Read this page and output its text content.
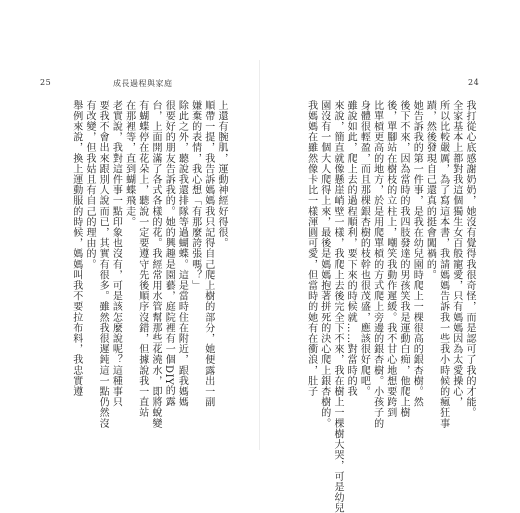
25	成長過程與家庭
上還有腕肌，運動神經好得很。
順帶一提，我告訴媽媽我只記得自己爬上樹的部分，她便露出一副
嫌棄的表情，我心想「有那麼誇張嗎？」
除此之外，聽說我還排隊等過蝴蝶。這是當時住在附近，跟我媽媽
很要好的朋友告訴我的。她的興趣是園藝，庭院裡有一個DIY的露
台，上面開滿了各式各樣的花。我經常用水管幫那些花澆水，即將蛻變
有蝴蝶停在花朵上，聽說一定要遵守先後順序沒錯，但據說我一直站
在那裡等，直到蝴蝶飛走。
老實說，我對這件事一點印象也沒有，可是該怎麼說呢？這種事只
要我不會出來跟別人說而已，其實有很多。雖然我很遲鈍這一點仍然沒
有改變，但我姑且有自己的理由的。
舉例來說，換上運動服的時候，媽媽叫我不要拉布料，我忠實遵
24
我打從心底感謝奶奶，她沒有覺得我很奇怪，而是認可了我的才能。
全家基本上都對我這個獨生女百般寵愛，只有媽媽因為太愛操心，
所以比較嚴厲，為了寫這本書，我請媽媽告訴我一些我小時候的瘋狂事
蹟，然後發現自己還真的挺會闖禍的。
她告訴我的第一件事，是我在幼兒園時爬上一棵很高的銀杏樹。然
後下不來，因為當時的我四肢發達的男孩笑我是運動白痴，他爬上樹
後，單腳站在樹枝的立柱上，嘲笑我動作遲緩。我不甘心地想要跨到
比單槓更高的地方，於是用爬單槓的方式爬上旁邊的銀杏樹。小孩子的
身體很輕盈，而且那棵銀杏樹的枝幹也很茂盛，應該很好爬吧。
雖說如此，爬上去的過程順利，要下來的時候就……對當時的我
來說，簡直就像懸崖峭壁一樣，我爬上去後完全下不來，我在樹上一棵樹大哭，可是幼兒
園沒有一個大人爬得上來，最後是媽媽抱著拼死的決心爬上銀杏樹的。
我媽媽在雖然像卡比一樣渾圓可愛，但當時的她有在衝浪，肚子
